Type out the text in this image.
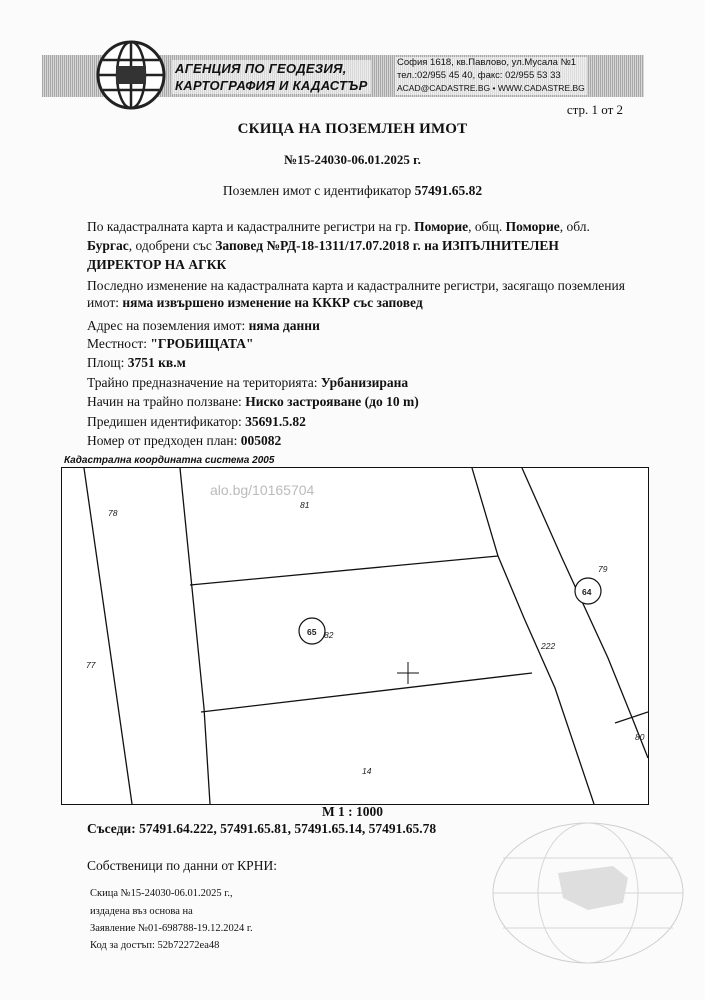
АГЕНЦИЯ ПО ГЕОДЕЗИЯ,
КАРТОГРАФИЯ И КАДАСТЪР
София 1618, кв.Павлово, ул.Мусала №1
тел.:02/955 45 40, факс: 02/955 53 33
ACAD@CADASTRE.BG • WWW.CADASTRE.BG
стр. 1 от 2
СКИЦА НА ПОЗЕМЛЕН ИМОТ
№15-24030-06.01.2025 г.
Поземлен имот с идентификатор 57491.65.82
По кадастралната карта и кадастралните регистри на гр. Поморие, общ. Поморие, обл.
Бургас, одобрени със Заповед №РД-18-1311/17.07.2018 г. на ИЗПЪЛНИТЕЛЕН
ДИРЕКТОР НА АГКК
Последно изменение на кадастралната карта и кадастралните регистри, засягащо поземления
имот: няма извършено изменение на КККР със заповед
Адрес на поземления имот: няма данни
Местност: "ГРОБИЩАТА"
Площ: 3751 кв.м
Трайно предназначение на територията: Урбанизирана
Начин на трайно ползване: Ниско застрояване (до 10 m)
Предишен идентификатор: 35691.5.82
Номер от предходен план: 005082
Кадастрална координатна система 2005
65
64
82
78
81
79
222
77
80
14
alo.bg/10165704
М 1 : 1000
Съседи: 57491.64.222, 57491.65.81, 57491.65.14, 57491.65.78
Собственици по данни от КРНИ:
Скица №15-24030-06.01.2025 г.,
издадена въз основа на
Заявление №01-698788-19.12.2024 г.
Код за достъп: 52b72272ea48
